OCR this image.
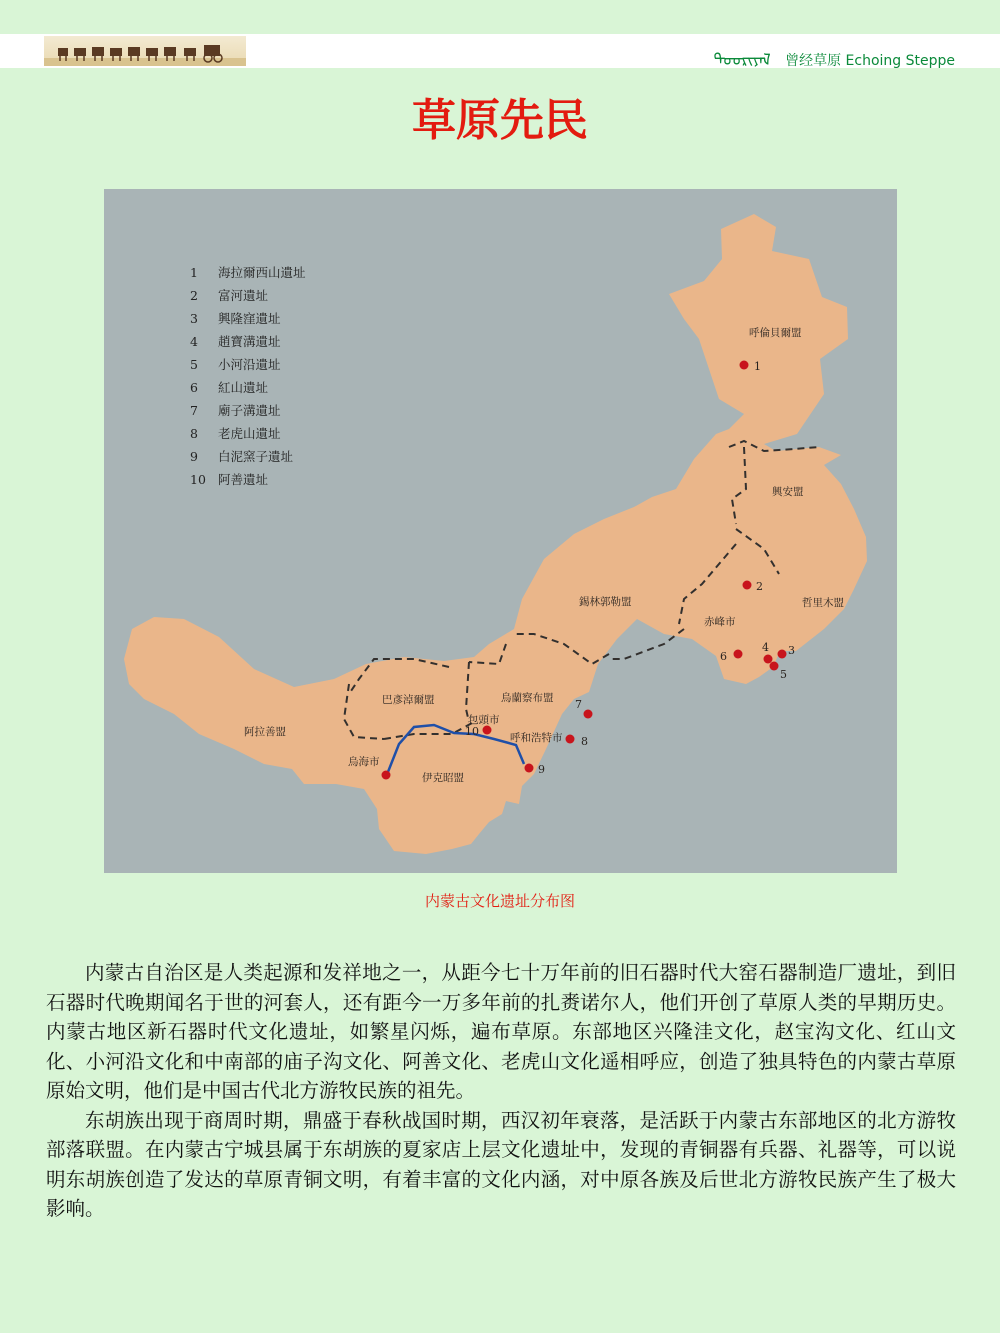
ᠳᠤᠤᠷᠢᠶᠠᠯ 曾经草原 Echoing Steppe
草原先民
呼倫貝爾盟
興安盟
哲里木盟
赤峰市
錫林郭勒盟
烏蘭察布盟
巴彥淖爾盟
阿拉善盟
伊克昭盟
烏海市
包頭市
呼和浩特市
1
2
3
4
5
6
7
8
9
10
1 海拉爾西山遺址
2 富河遺址
3 興隆窪遺址
4 趙寶溝遺址
5 小河沿遺址
6 紅山遺址
7 廟子溝遺址
8 老虎山遺址
9 白泥窯子遺址
10 阿善遺址
内蒙古文化遗址分布图

内蒙古自治区是人类起源和发祥地之一，从距今七十万年前的旧石器时代大窑石器制造厂遗址，到旧石器时代晚期闻名于世的河套人，还有距今一万多年前的扎赉诺尔人，他们开创了草原人类的早期历史。内蒙古地区新石器时代文化遗址，如繁星闪烁，遍布草原。东部地区兴隆洼文化，赵宝沟文化、红山文化、小河沿文化和中南部的庙子沟文化、阿善文化、老虎山文化遥相呼应，创造了独具特色的内蒙古草原原始文明，他们是中国古代北方游牧民族的祖先。

东胡族出现于商周时期，鼎盛于春秋战国时期，西汉初年衰落，是活跃于内蒙古东部地区的北方游牧部落联盟。在内蒙古宁城县属于东胡族的夏家店上层文化遗址中，发现的青铜器有兵器、礼器等，可以说明东胡族创造了发达的草原青铜文明，有着丰富的文化内涵，对中原各族及后世北方游牧民族产生了极大影响。
